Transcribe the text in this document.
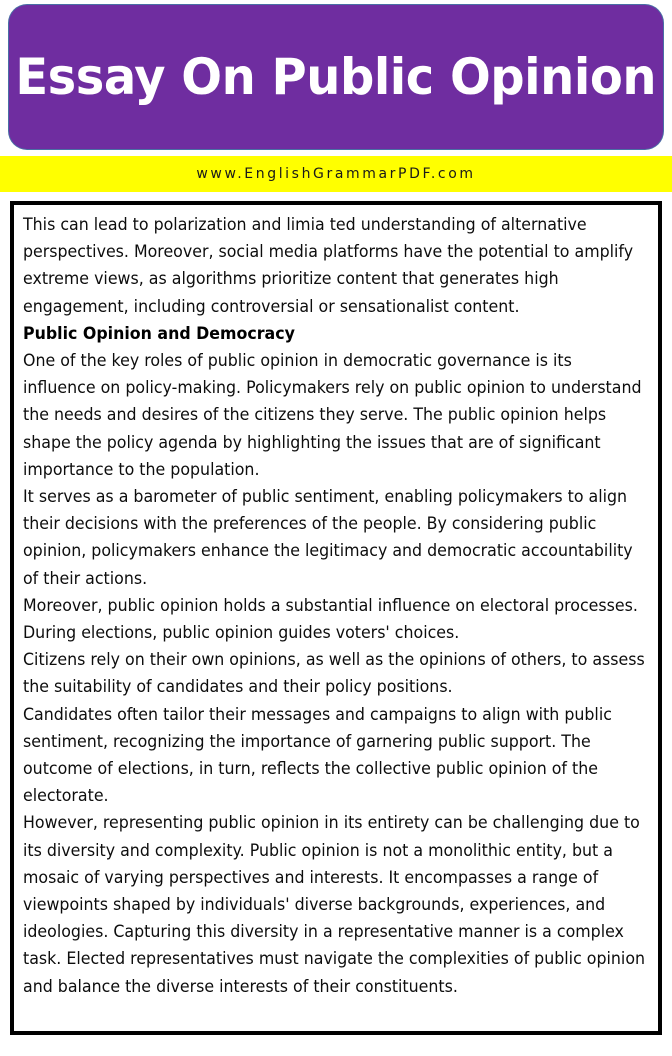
Essay On Public Opinion
www.EnglishGrammarPDF.com

This can lead to polarization and limia ted understanding of alternative perspectives. Moreover, social media platforms have the potential to amplify extreme views, as algorithms prioritize content that generates high engagement, including controversial or sensationalist content.

Public Opinion and Democracy

One of the key roles of public opinion in democratic governance is its influence on policy-making. Policymakers rely on public opinion to understand the needs and desires of the citizens they serve. The public opinion helps shape the policy agenda by highlighting the issues that are of significant importance to the population.

It serves as a barometer of public sentiment, enabling policymakers to align their decisions with the preferences of the people. By considering public opinion, policymakers enhance the legitimacy and democratic accountability of their actions.

Moreover, public opinion holds a substantial influence on electoral processes. During elections, public opinion guides voters' choices.

Citizens rely on their own opinions, as well as the opinions of others, to assess the suitability of candidates and their policy positions.

Candidates often tailor their messages and campaigns to align with public sentiment, recognizing the importance of garnering public support. The outcome of elections, in turn, reflects the collective public opinion of the electorate.

However, representing public opinion in its entirety can be challenging due to its diversity and complexity. Public opinion is not a monolithic entity, but a mosaic of varying perspectives and interests. It encompasses a range of viewpoints shaped by individuals' diverse backgrounds, experiences, and ideologies. Capturing this diversity in a representative manner is a complex task. Elected representatives must navigate the complexities of public opinion and balance the diverse interests of their constituents.
